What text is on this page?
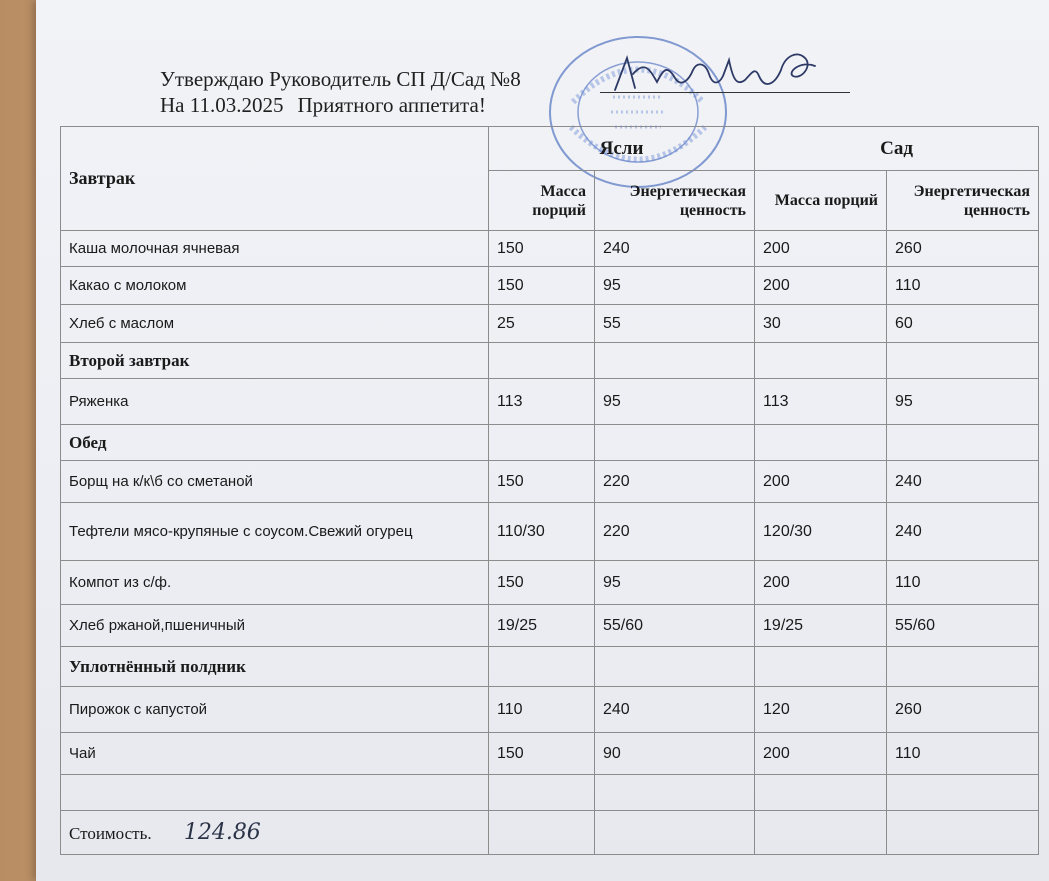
Утверждаю Руководитель СП Д/Сад №8
На 11.03.2025 Приятного аппетита!
Завтрак	Ясли		Сад	
	Масса порций	Энергетическая ценность	Масса порций	Энергетическая ценность
Каша молочная ячневая	150	240	200	260
Какао с молоком	150	95	200	110
Хлеб с маслом	25	55	30	60
Второй завтрак				
Ряженка	113	95	113	95
Обед				
Борщ на к/к\б со сметаной	150	220	200	240
Тефтели мясо-крупяные с соусом.Свежий огурец	110/30	220	120/30	240
Компот из с/ф.	150	95	200	110
Хлеб ржаной,пшеничный	19/25	55/60	19/25	55/60
Уплотнённый полдник				
Пирожок с капустой	110	240	120	260
Чай	150	90	200	110

Стоимость. 124.86				
